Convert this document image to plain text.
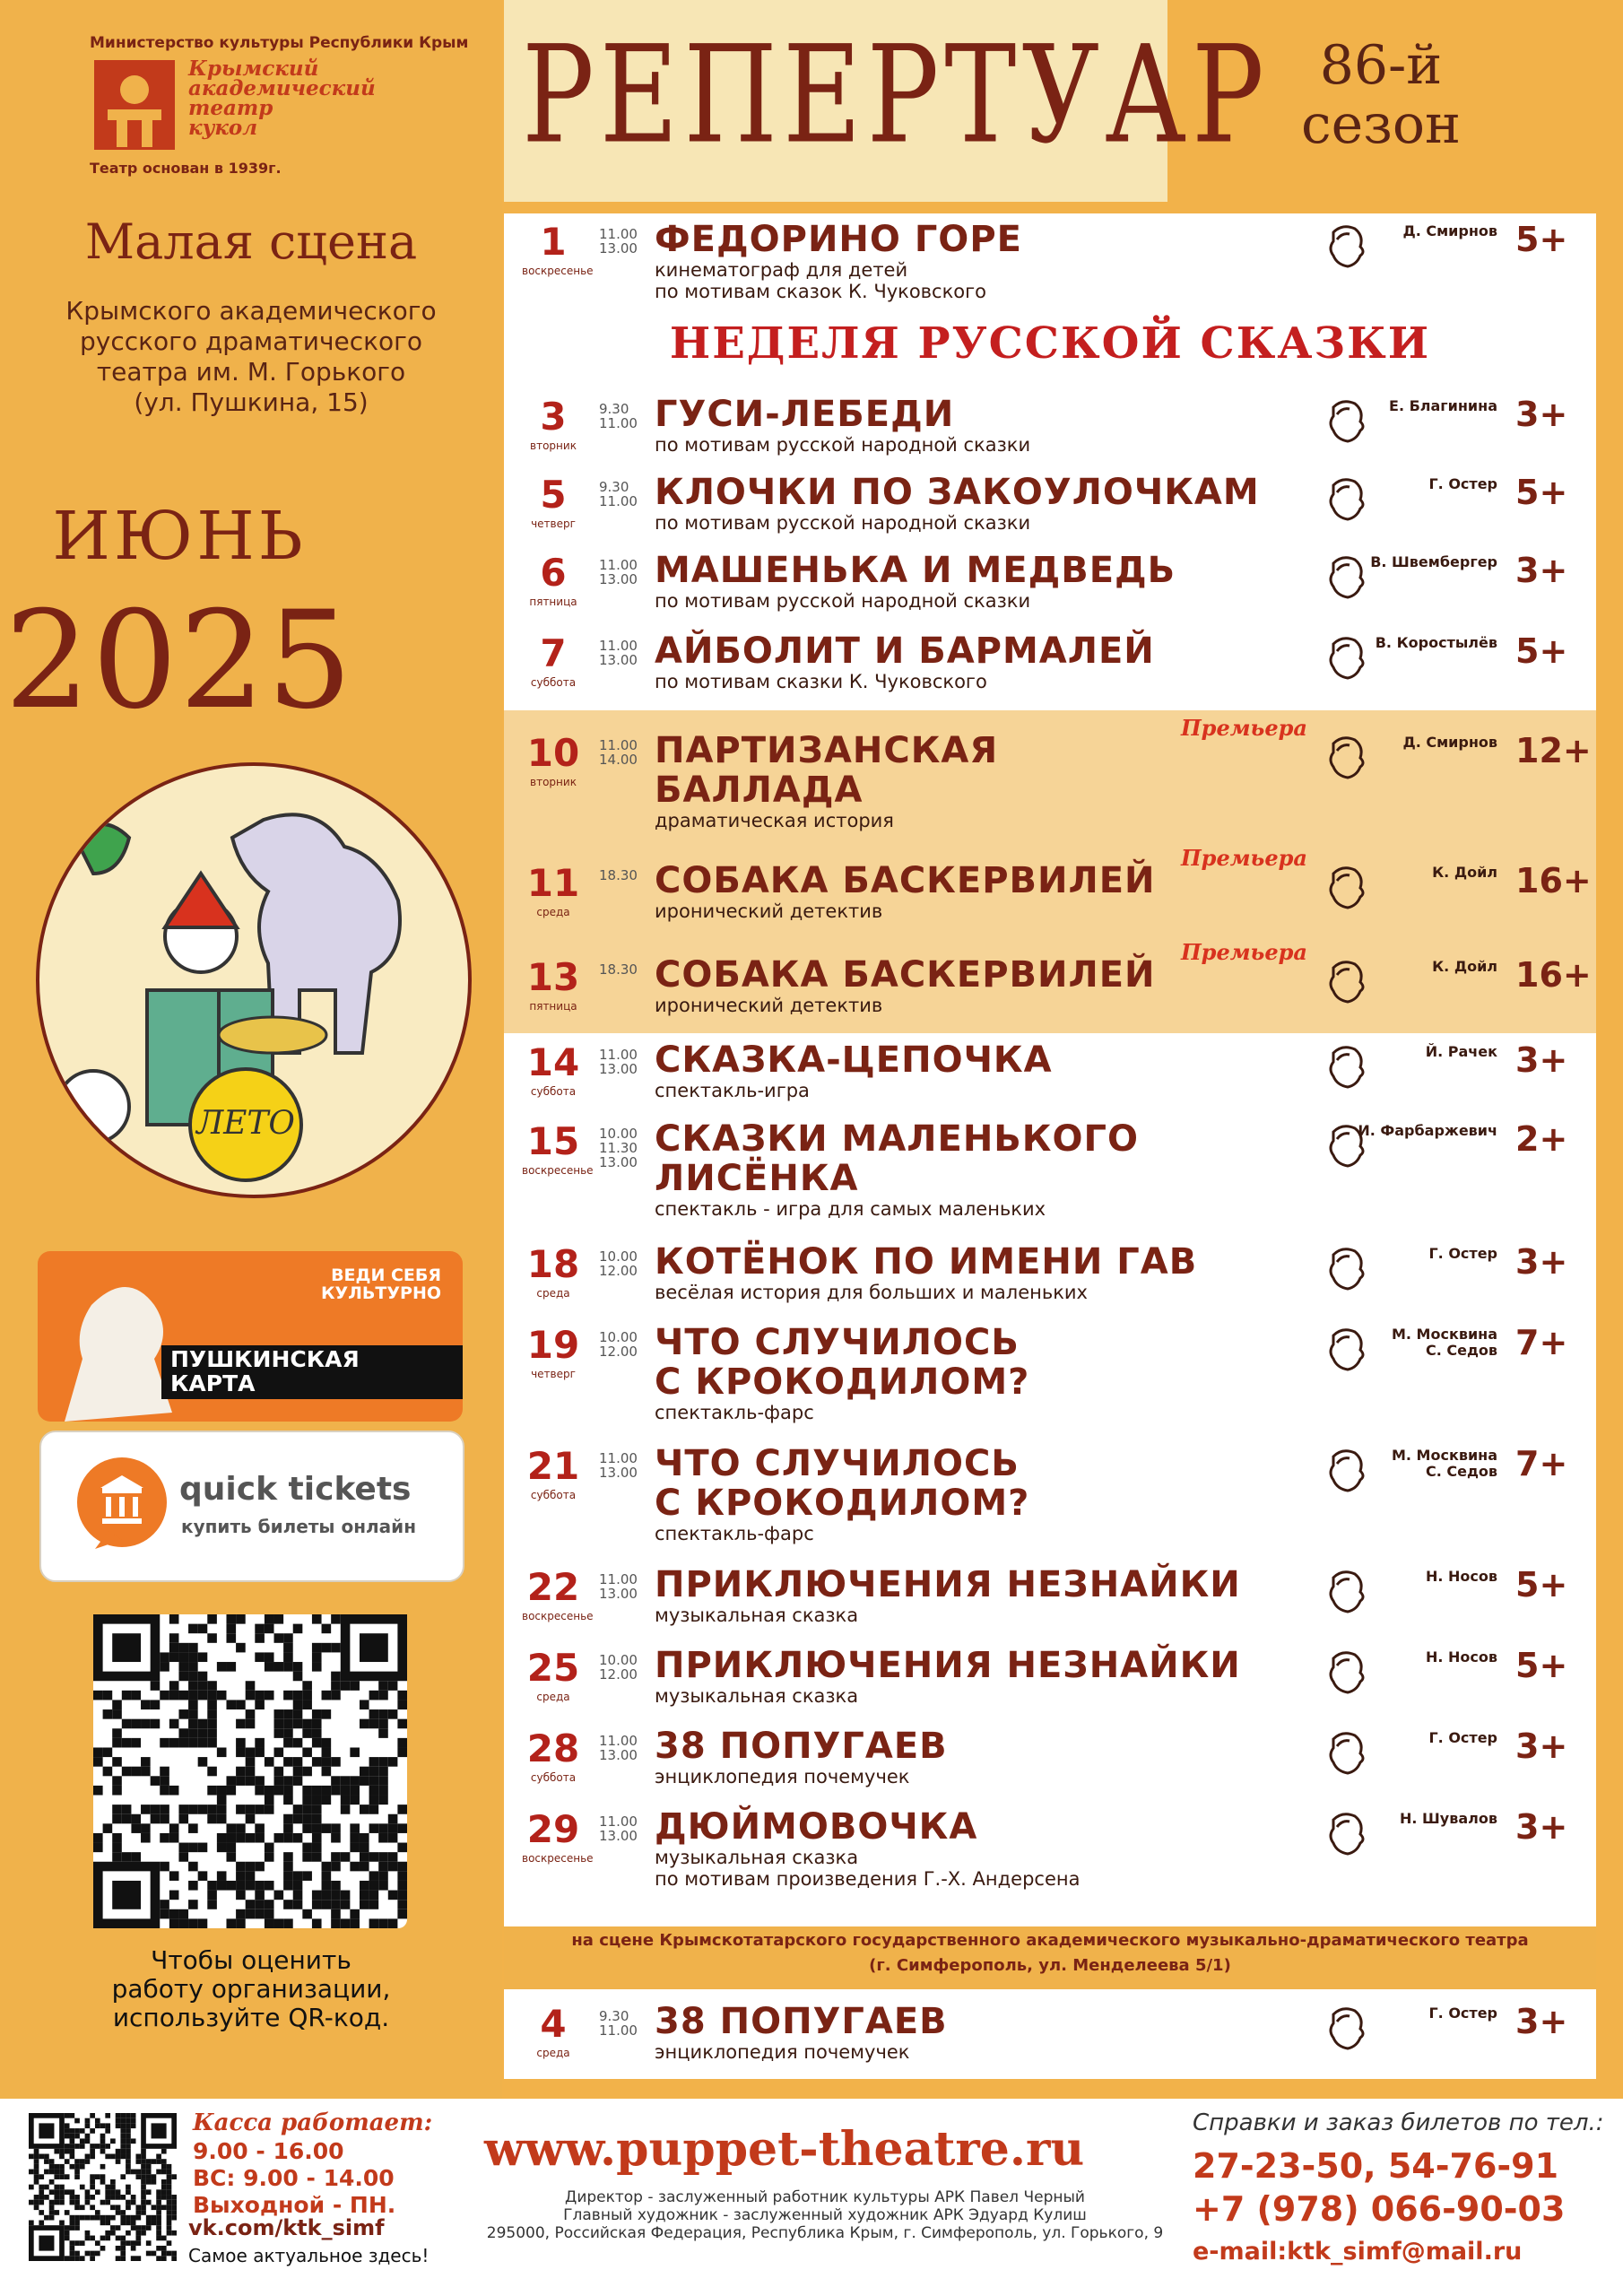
Министерство культуры Республики Крым
Крымский
академический
театр
кукол
Театр основан в 1939г.
Малая сцена
Крымского академического
русского драматического
театра им. М. Горького
(ул. Пушкина, 15)
ИЮНЬ
2025
ЛЕТО
ВЕДИ СЕБЯ
КУЛЬТУРНО
ПУШКИНСКАЯ
КАРТА
quick tickets
купить билеты онлайн
Чтобы оценить
работу организации,
используйте QR-код.
РЕПЕРТУАР 86-й
сезон
НЕДЕЛЯ РУССКОЙ СКАЗКИ
на сцене Крымскотатарского государственного академического музыкально-драматического театра
(г. Симферополь, ул. Менделеева 5/1)
1
воскресенье
11.00
13.00 ФЕДОРИНО ГОРЕ
кинематограф для детей
по мотивам сказок К. Чуковского
Д. Смирнов 5+
3
вторник
9.30
11.00 ГУСИ-ЛЕБЕДИ
по мотивам русской народной сказки
Е. Благинина 3+
5
четверг
9.30
11.00 КЛОЧКИ ПО ЗАКОУЛОЧКАМ
по мотивам русской народной сказки
Г. Остер 5+
6
пятница
11.00
13.00 МАШЕНЬКА И МЕДВЕДЬ
по мотивам русской народной сказки
В. Швембергер 3+
7
суббота
11.00
13.00 АЙБОЛИТ И БАРМАЛЕЙ
по мотивам сказки К. Чуковского
В. Коростылёв 5+
10
вторник
11.00
14.00 ПАРТИЗАНСКАЯ
БАЛЛАДА
драматическая история
Премьера
Д. Смирнов 12+
11
среда
18.30 СОБАКА БАСКЕРВИЛЕЙ
иронический детектив
Премьера
К. Дойл 16+
13
пятница
18.30 СОБАКА БАСКЕРВИЛЕЙ
иронический детектив
Премьера
К. Дойл 16+
14
суббота
11.00
13.00 СКАЗКА-ЦЕПОЧКА
спектакль-игра
Й. Рачек 3+
15
воскресенье
10.00
11.30
13.00
СКАЗКИ МАЛЕНЬКОГО
ЛИСЁНКА
спектакль - игра для самых маленьких
И. Фарбаржевич 2+
18
среда
10.00
12.00 КОТЁНОК ПО ИМЕНИ ГАВ
весёлая история для больших и маленьких
Г. Остер 3+
19
четверг
10.00
12.00 ЧТО СЛУЧИЛОСЬ
С КРОКОДИЛОМ?
спектакль-фарс
М. Москвина
С. Седов 7+
21
суббота
11.00
13.00 ЧТО СЛУЧИЛОСЬ
С КРОКОДИЛОМ?
спектакль-фарс
М. Москвина
С. Седов 7+
22
воскресенье
11.00
13.00 ПРИКЛЮЧЕНИЯ НЕЗНАЙКИ
музыкальная сказка
Н. Носов 5+
25
среда
10.00
12.00 ПРИКЛЮЧЕНИЯ НЕЗНАЙКИ
музыкальная сказка
Н. Носов 5+
28
суббота
11.00
13.00 38 ПОПУГАЕВ
энциклопедия почемучек
Г. Остер 3+
29
воскресенье
11.00
13.00 ДЮЙМОВОЧКА
музыкальная сказка
по мотивам произведения Г.-Х. Андерсена
Н. Шувалов 3+
4
среда
9.30
11.00 38 ПОПУГАЕВ
энциклопедия почемучек
Г. Остер 3+
Касса работает:
9.00 - 16.00
ВС: 9.00 - 14.00
Выходной - ПН.
vk.com/ktk_simf
Самое актуальное здесь!
www.puppet-theatre.ru
Директор - заслуженный работник культуры АРК Павел Черный
Главный художник - заслуженный художник АРК Эдуард Кулиш
295000, Российская Федерация, Республика Крым, г. Симферополь, ул. Горького, 9
Справки и заказ билетов по тел.:
27-23-50, 54-76-91
+7 (978) 066-90-03
e-mail:ktk_simf@mail.ru
